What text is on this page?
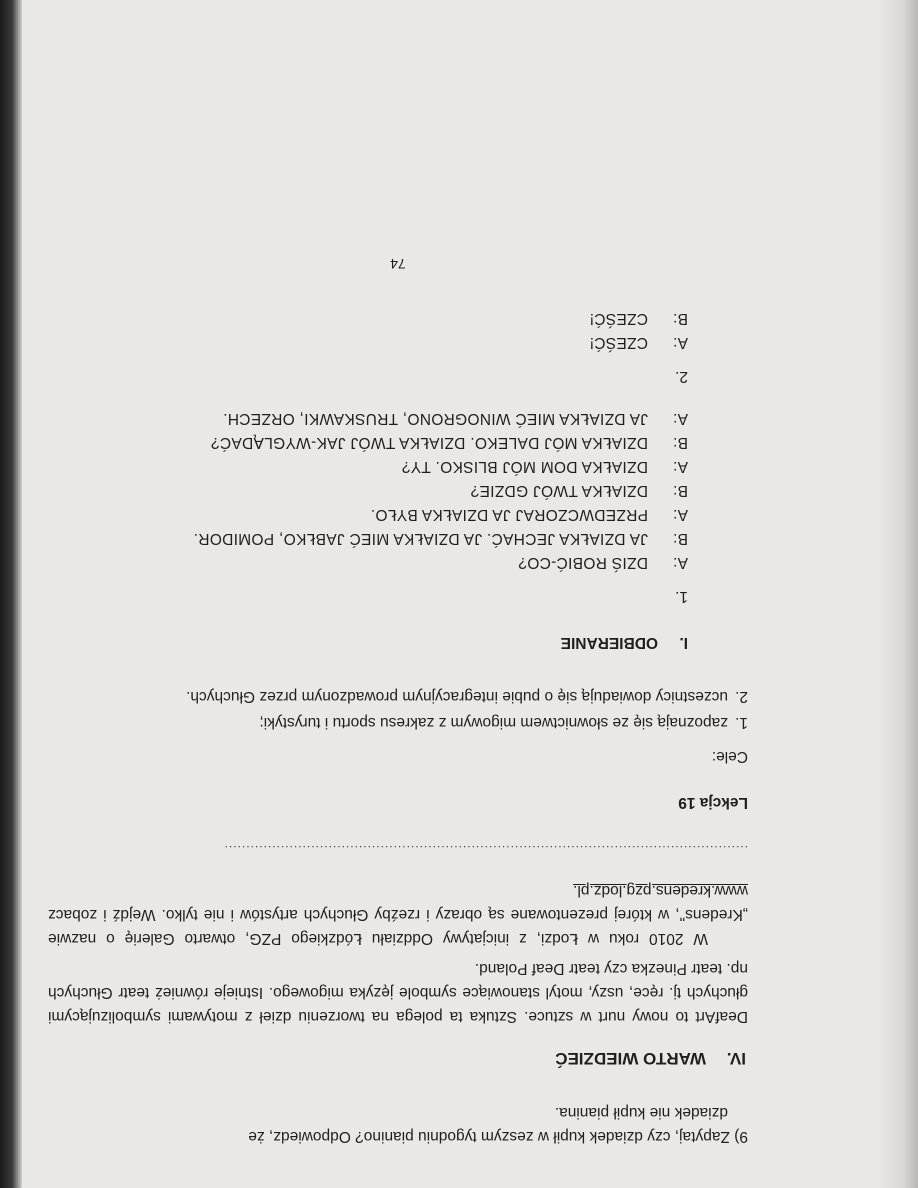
9) Zapytaj, czy dziadek kupił w zeszym tygodniu pianino? Odpowiedz, że
dziadek nie kupił pianina.
IV.WARTO WIEDZIEĆ

DeafArt to nowy nurt w sztuce. Sztuka ta polega na tworzeniu dzieł z motywami symbolizującymi głuchych tj. ręce, uszy, motyl stanowiące symbole języka migowego. Istnieje również teatr Głuchych np. teatr Pinezka czy teatr Deaf Poland.

W 2010 roku w Łodzi, z inicjatywy Oddziału Łódzkiego PZG, otwarto Galerię o nazwie „Kredens", w której prezentowane są obrazy i rzeźby Głuchych artystów i nie tylko. Wejdź i zobacz www.kredens.pzg.lodz.pl.

.........................................................................................................................
Lekcja 19
Cele:
1.
zapoznają się ze słownictwem migowym z zakresu sportu i turystyki;
2.
uczestnicy dowiadują się o pubie integracyjnym prowadzonym przez Głuchych.
I.ODBIERANIE
1.
A:
DZIŚ ROBIĆ-CO?
B:
JA DZIAŁKA JECHAĆ. JA DZIAŁKA MIEĆ JABŁKO, POMIDOR.
A:
PRZEDWCZORAJ JA DZIAŁKA BYŁO.
B:
DZIAŁKA TWÓJ GDZIE?
A:
DZIAŁKA DOM MÓJ BLISKO. TY?
B:
DZIAŁKA MÓJ DALEKO. DZIAŁKA TWÓJ JAK-WYGLĄDAĆ?
A:
JA DZIAŁKA MIEĆ WINOGRONO, TRUSKAWKI, ORZECH.
2.
A:
CZEŚĆ!
B:
CZEŚĆ!
74
